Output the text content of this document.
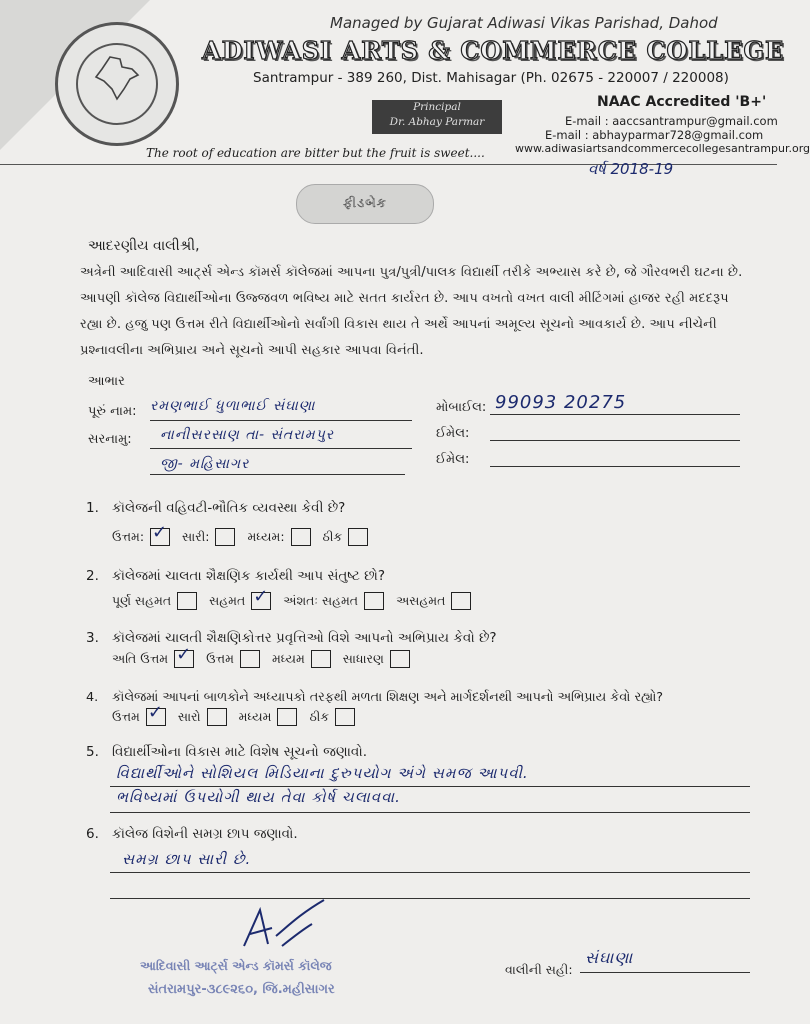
Managed by Gujarat Adiwasi Vikas Parishad, Dahod
ADIWASI ARTS & COMMERCE COLLEGE
Santrampur - 389 260, Dist. Mahisagar (Ph. 02675 - 220007 / 220008)
NAAC Accredited 'B+'
Principal
Dr. Abhay Parmar	E-mail : aaccsantrampur@gmail.com
E-mail : abhayparmar728@gmail.com
www.adiwasiartsandcommercecollegesantrampur.org
The root of education are bitter but the fruit is sweet....
વર્ષ 2018-19
ફીડબેક
આદરણીય વાલીશ્રી,

અત્રેની આદિવાસી આર્ટ્સ એન્ડ કૉમર્સ કૉલેજમાં આપના પુત્ર/પુત્રી/પાલક વિદ્યાર્થી તરીકે અભ્યાસ કરે છે, જે ગૌરવભરી ઘટના છે.

આપણી કૉલેજ વિદ્યાર્થીઓના ઉજ્જવળ ભવિષ્ય માટે સતત કાર્યરત છે. આપ વખતો વખત વાલી મીટિંગમાં હાજર રહી મદદરૂપ

રહ્યા છે. હજુ પણ ઉત્તમ રીતે વિદ્યાર્થીઓનો સર્વાંગી વિકાસ થાય તે અર્થે આપનાં અમૂલ્ય સૂચનો આવકાર્ય છે. આપ નીચેની

પ્રશ્નાવલીના અભિપ્રાય અને સૂચનો આપી સહકાર આપવા વિનંતી.

આભાર
પૂરું નામ: રમણભાઈ ધુળાભાઈ સંઘાણા
સરનામુ: નાનીસરસાણ તા- સંતરામપુર
જી- મહિસાગર
મોબાઈલ: 99093 20275
ઈમેલ:
ઈમેલ:
1. કૉલેજની વહિવટી-ભૌતિક વ્યવસ્થા કેવી છે?
ઉત્તમ: ✓ સારી:	મધ્યમ:	ઠીક
2. કૉલેજમાં ચાલતા શૈક્ષણિક કાર્યથી આપ સંતુષ્ટ છો?
પૂર્ણ સહમત	સહમત ✓ અંશતઃ સહમત	અસહમત
3. કૉલેજમાં ચાલતી શૈક્ષણિકોત્તર પ્રવૃત્તિઓ વિશે આપનો અભિપ્રાય કેવો છે?
અતિ ઉત્તમ ✓ ઉત્તમ	મધ્યમ	સાધારણ
4. કૉલેજમાં આપનાં બાળકોને અધ્યાપકો તરફથી મળતા શિક્ષણ અને માર્ગદર્શનથી આપનો અભિપ્રાય કેવો રહ્યો?
ઉત્તમ ✓ સારો	મધ્યમ	ઠીક
5. વિદ્યાર્થીઓના વિકાસ માટે વિશેષ સૂચનો જણાવો.
વિદ્યાર્થીઓને સોશિયલ મિડિયાના દુરુપયોગ અંગે સમજ આપવી.
ભવિષ્યમાં ઉપયોગી થાય તેવા કોર્ષ ચલાવવા.
6. કૉલેજ વિશેની સમગ્ર છાપ જણાવો.
સમગ્ર છાપ સારી છે.
આદિવાસી આર્ટ્સ એન્ડ કૉમર્સ કૉલેજ
સંતરામપુર-૩૮૯૨૬૦, જિ.મહીસાગર
વાલીની સહી:
સંઘાણા
